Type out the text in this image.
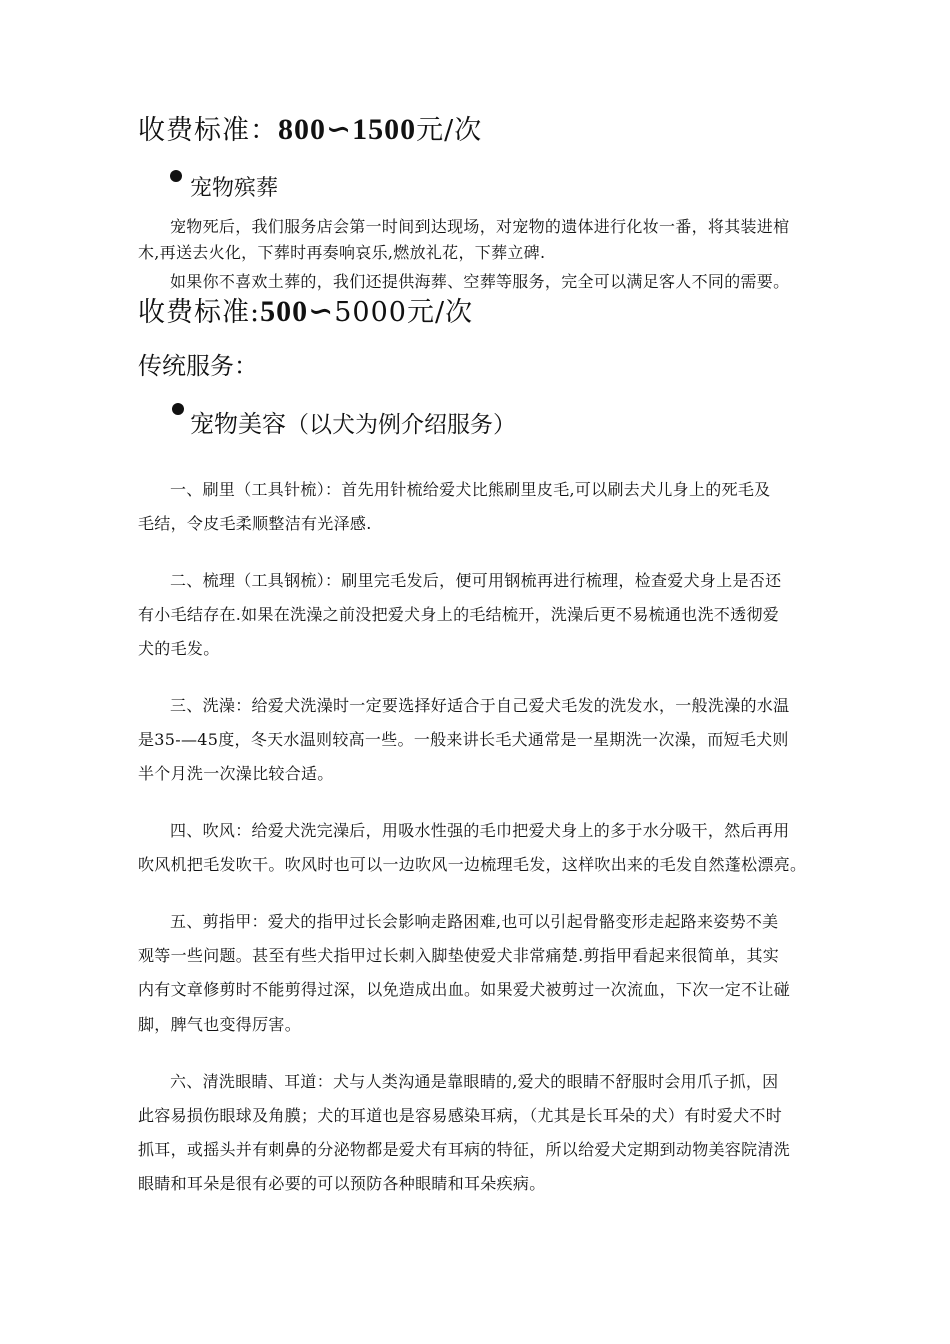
收费标准：800∽1500元/次
宠物殡葬
宠物死后，我们服务店会第一时间到达现场，对宠物的遗体进行化妆一番，将其装进棺
木,再送去火化，下葬时再奏响哀乐,燃放礼花，下葬立碑.
如果你不喜欢土葬的，我们还提供海葬、空葬等服务，完全可以满足客人不同的需要。
收费标准:500∽5000元/次
传统服务：
宠物美容（以犬为例介绍服务）
一、刷里（工具针梳）：首先用针梳给爱犬比熊刷里皮毛,可以刷去犬儿身上的死毛及
毛结，令皮毛柔顺整洁有光泽感.
二、梳理（工具钢梳）：刷里完毛发后，便可用钢梳再进行梳理，检查爱犬身上是否还
有小毛结存在.如果在洗澡之前没把爱犬身上的毛结梳开，洗澡后更不易梳通也洗不透彻爱
犬的毛发。
三、洗澡：给爱犬洗澡时一定要选择好适合于自己爱犬毛发的洗发水，一般洗澡的水温
是35-—45度，冬天水温则较高一些。一般来讲长毛犬通常是一星期洗一次澡，而短毛犬则
半个月洗一次澡比较合适。
四、吹风：给爱犬洗完澡后，用吸水性强的毛巾把爱犬身上的多于水分吸干，然后再用
吹风机把毛发吹干。吹风时也可以一边吹风一边梳理毛发，这样吹出来的毛发自然蓬松漂亮。
五、剪指甲：爱犬的指甲过长会影响走路困难,也可以引起骨骼变形走起路来姿势不美
观等一些问题。甚至有些犬指甲过长刺入脚垫使爱犬非常痛楚.剪指甲看起来很简单，其实
内有文章修剪时不能剪得过深，以免造成出血。如果爱犬被剪过一次流血，下次一定不让碰
脚，脾气也变得厉害。
六、清洗眼睛、耳道：犬与人类沟通是靠眼睛的,爱犬的眼睛不舒服时会用爪子抓，因
此容易损伤眼球及角膜；犬的耳道也是容易感染耳病，（尤其是长耳朵的犬）有时爱犬不时
抓耳，或摇头并有刺鼻的分泌物都是爱犬有耳病的特征，所以给爱犬定期到动物美容院清洗
眼睛和耳朵是很有必要的可以预防各种眼睛和耳朵疾病。
